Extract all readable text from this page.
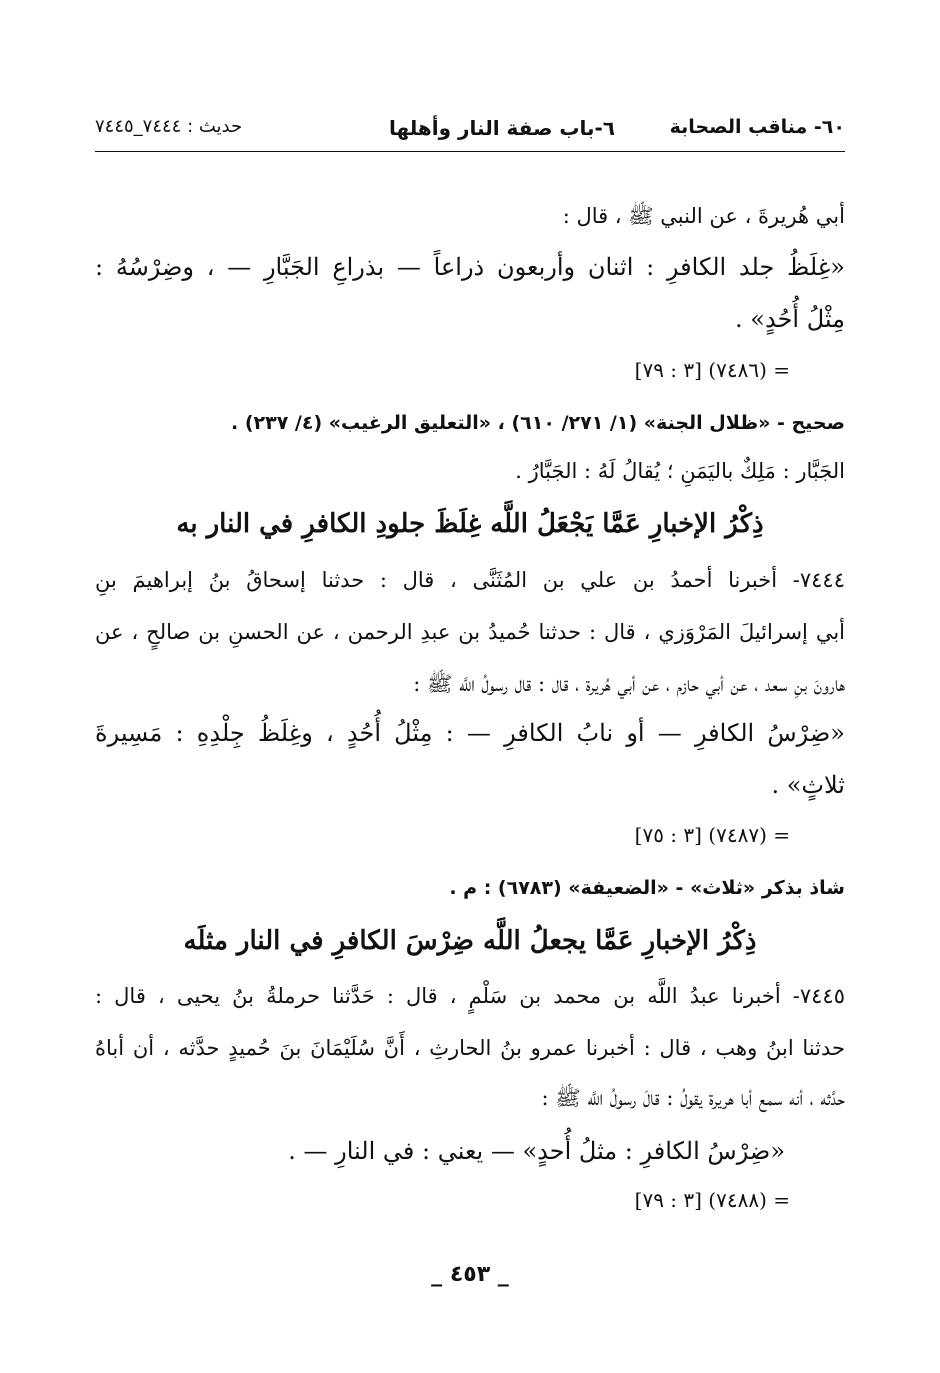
٦٠- مناقب الصحابة
٦-باب صفة النار وأهلها
حديث : ٧٤٤٤_٧٤٤٥
أبي هُريرةَ ، عن النبي ﷺ ، قال :
«غِلَظُ جلد الكافرِ : اثنان وأربعون ذراعاً — بذراعِ الجَبَّارِ — ، وضِرْسُهُ :
مِثْلُ أُحُدٍ» .
= (٧٤٨٦) [٣ : ٧٩]
صحيح - «ظلال الجنة» (١/ ٢٧١/ ٦١٠) ، «التعليق الرغيب» (٤/ ٢٣٧) .
الجَبَّار : مَلِكٌ باليَمَنِ ؛ يُقالُ لَهُ : الجَبَّارُ .
ذِكْرُ الإخبارِ عَمَّا يَجْعَلُ اللَّه غِلَظَ جلودِ الكافرِ في النار به
٧٤٤٤- أخبرنا أحمدُ بن علي بن المُثَنَّى ، قال : حدثنا إسحاقُ بنُ إبراهيمَ بنِ
أبي إسرائيلَ المَرْوَزي ، قال : حدثنا حُميدُ بن عبدِ الرحمن ، عن الحسنِ بن صالحٍ ، عن
هارونَ بنِ سعد ، عن أبي حازم ، عن أبي هُريرة ، قال : قال رسولُ اللَّه ﷺ :
«ضِرْسُ الكافرِ — أو نابُ الكافرِ — : مِثْلُ أُحُدٍ ، وغِلَظُ جِلْدِهِ : مَسِيرةَ
ثلاثٍ» .
= (٧٤٨٧) [٣ : ٧٥]
شاذ بذكر «ثلاث» - «الضعيفة» (٦٧٨٣) : م .
ذِكْرُ الإخبارِ عَمَّا يجعلُ اللَّه ضِرْسَ الكافرِ في النار مثلَه
٧٤٤٥- أخبرنا عبدُ اللَّه بن محمد بن سَلْمٍ ، قال : حَدَّثنا حرملةُ بنُ يحيى ، قال :
حدثنا ابنُ وهب ، قال : أخبرنا عمرو بنُ الحارثِ ، أَنَّ سُلَيْمَانَ بنَ حُميدٍ حدَّثه ، أن أباهُ
حدَّثه ، أنه سمع أبا هريرة يقولُ : قالَ رسولُ اللَّه ﷺ :
«ضِرْسُ الكافرِ : مثلُ أُحدٍ» — يعني : في النارِ — .
= (٧٤٨٨) [٣ : ٧٩]
_ ٤٥٣ _
